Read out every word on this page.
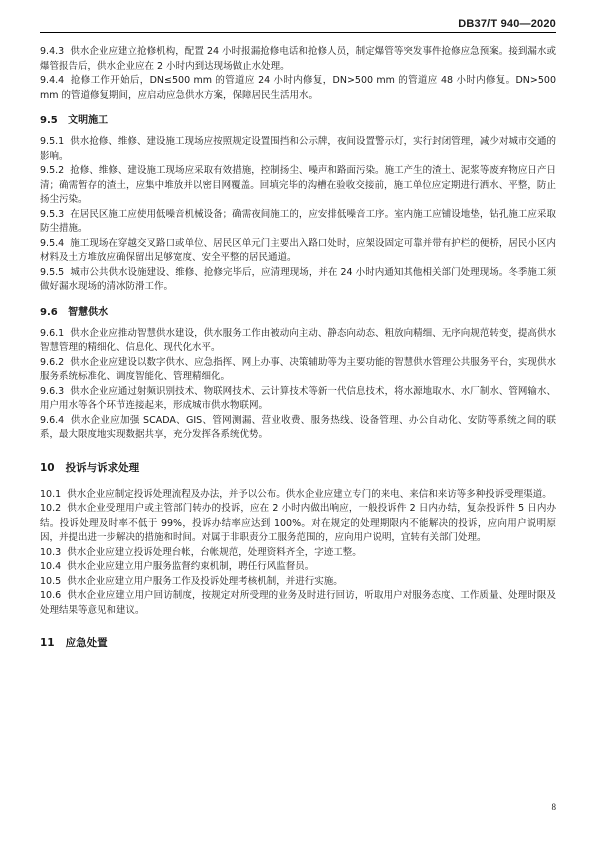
DB37/T 940—2020

9.4.3 供水企业应建立抢修机构，配置 24 小时报漏抢修电话和抢修人员，制定爆管等突发事件抢修应急预案。接到漏水或爆管报告后，供水企业应在 2 小时内到达现场做止水处理。

9.4.4 抢修工作开始后，DN≤500 mm 的管道应 24 小时内修复，DN>500 mm 的管道应 48 小时内修复。DN>500 mm 的管道修复期间，应启动应急供水方案，保障居民生活用水。

9.5 文明施工

9.5.1 供水抢修、维修、建设施工现场应按照规定设置围挡和公示牌，夜间设置警示灯，实行封闭管理，减少对城市交通的影响。

9.5.2 抢修、维修、建设施工现场应采取有效措施，控制扬尘、噪声和路面污染。施工产生的渣土、泥浆等废弃物应日产日清；确需暂存的渣土，应集中堆放并以密目网覆盖。回填完毕的沟槽在验收交接前，施工单位应定期进行洒水、平整，防止扬尘污染。

9.5.3 在居民区施工应使用低噪音机械设备；确需夜间施工的，应安排低噪音工序。室内施工应铺设地垫，钻孔施工应采取防尘措施。

9.5.4 施工现场在穿越交叉路口或单位、居民区单元门主要出入路口处时，应架设固定可靠并带有护栏的便桥，居民小区内材料及土方堆放应确保留出足够宽度、安全平整的居民通道。

9.5.5 城市公共供水设施建设、维修、抢修完毕后，应清理现场，并在 24 小时内通知其他相关部门处理现场。冬季施工须做好漏水现场的清冰防滑工作。

9.6 智慧供水

9.6.1 供水企业应推动智慧供水建设，供水服务工作由被动向主动、静态向动态、粗放向精细、无序向规范转变，提高供水智慧管理的精细化、信息化、现代化水平。

9.6.2 供水企业应建设以数字供水、应急指挥、网上办事、决策辅助等为主要功能的智慧供水管理公共服务平台，实现供水服务系统标准化、调度智能化、管理精细化。

9.6.3 供水企业应通过射频识别技术、物联网技术、云计算技术等新一代信息技术，将水源地取水、水厂制水、管网输水、用户用水等各个环节连接起来，形成城市供水物联网。

9.6.4 供水企业应加强 SCADA、GIS、管网测漏、营业收费、服务热线、设备管理、办公自动化、安防等系统之间的联系，最大限度地实现数据共享，充分发挥各系统优势。

10 投诉与诉求处理

10.1 供水企业应制定投诉处理流程及办法，并予以公布。供水企业应建立专门的来电、来信和来访等多种投诉受理渠道。

10.2 供水企业受理用户或主管部门转办的投诉，应在 2 小时内做出响应，一般投诉件 2 日内办结，复杂投诉件 5 日内办结。投诉处理及时率不低于 99%，投诉办结率应达到 100%。对在规定的处理期限内不能解决的投诉，应向用户说明原因，并提出进一步解决的措施和时间。对属于非职责分工服务范围的，应向用户说明，宜转有关部门处理。

10.3 供水企业应建立投诉处理台帐，台帐规范，处理资料齐全，字迹工整。

10.4 供水企业应建立用户服务监督约束机制，聘任行风监督员。

10.5 供水企业应建立用户服务工作及投诉处理考核机制，并进行实施。

10.6 供水企业应建立用户回访制度，按规定对所受理的业务及时进行回访，听取用户对服务态度、工作质量、处理时限及处理结果等意见和建议。

11 应急处置
8
